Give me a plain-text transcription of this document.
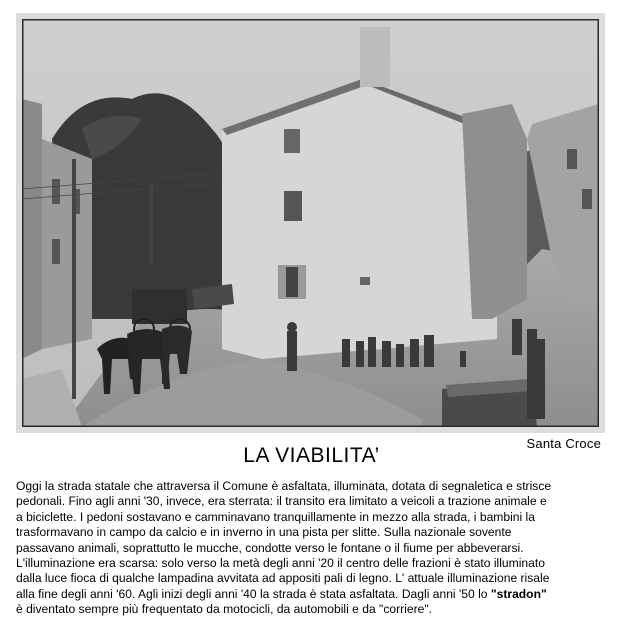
Santa Croce
LA VIABILITA’

Oggi la strada statale che attraversa il Comune è asfaltata, illuminata, dotata di segnaletica e strisce
pedonali. Fino agli anni '30, invece, era sterrata: il transito era limitato a veicoli a trazione animale e
a biciclette. I pedoni sostavano e camminavano tranquillamente in mezzo alla strada, i bambini la
trasformavano in campo da calcio e in inverno in una pista per slitte. Sulla nazionale sovente
passavano animali, soprattutto le mucche, condotte verso le fontane o il fiume per abbeverarsi.
L'illuminazione era scarsa: solo verso la metà degli anni '20 il centro delle frazioni è stato illuminato
dalla luce fioca di qualche lampadina avvitata ad appositi pali di legno. L' attuale illuminazione risale
alla fine degli anni '60. Agli inizi degli anni '40 la strada è stata asfaltata. Dagli anni '50 lo "stradon"
è diventato sempre più frequentato da motocicli, da automobili e da "corriere".
